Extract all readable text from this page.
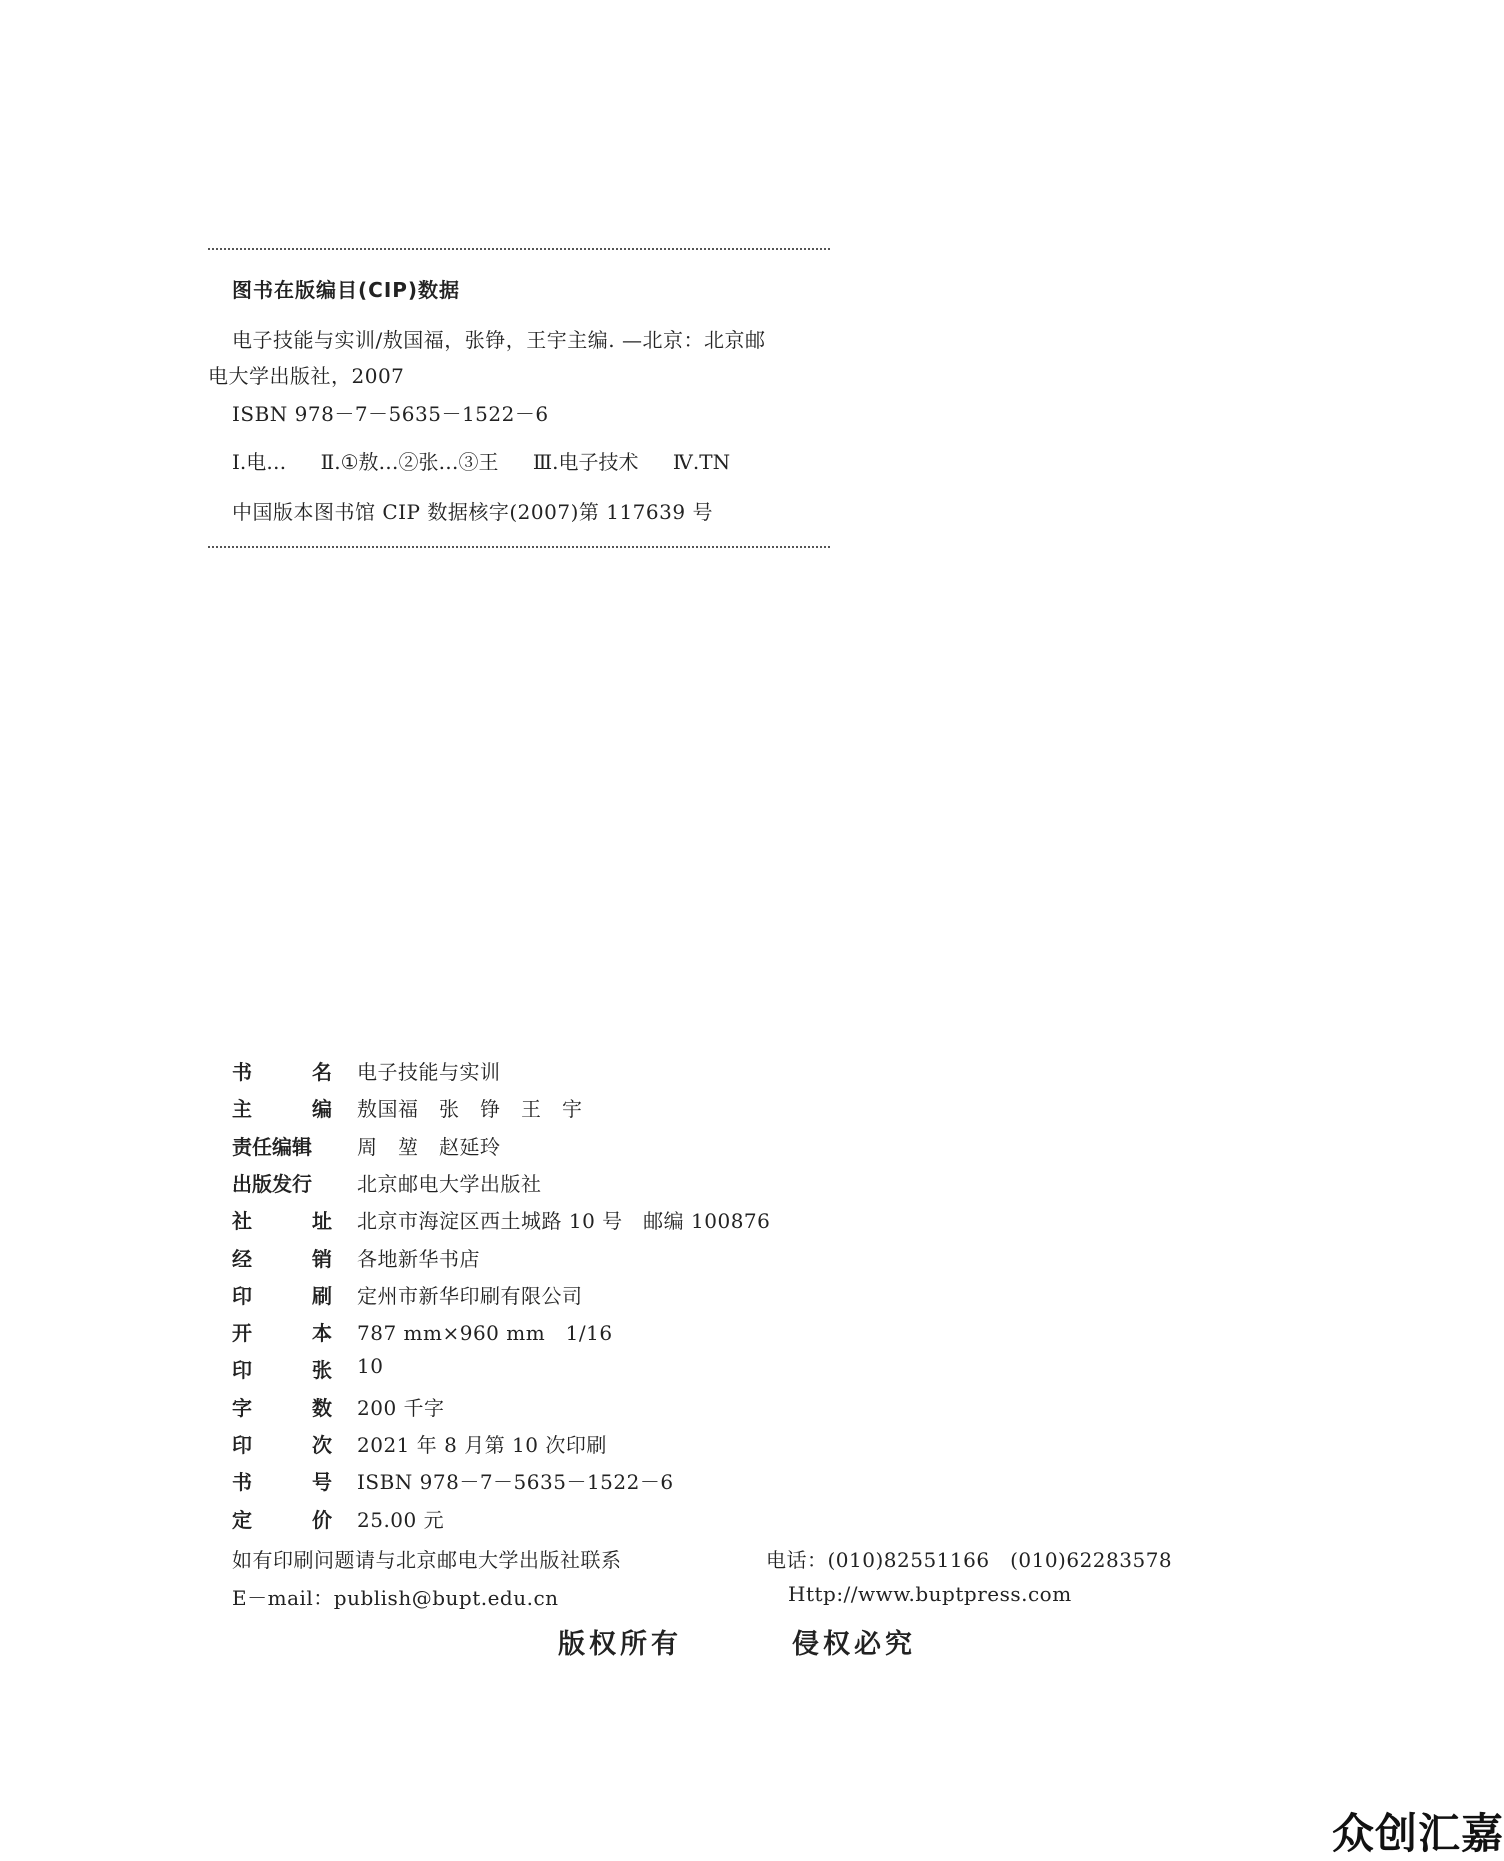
图书在版编目(CIP)数据
电子技能与实训/敖国福，张铮，王宇主编. —北京：北京邮
电大学出版社，2007
ISBN 978－7－5635－1522－6
Ⅰ.电… Ⅱ.①敖…②张…③王 Ⅲ.电子技术 Ⅳ.TN
中国版本图书馆 CIP 数据核字(2007)第 117639 号
书	名 电子技能与实训
主	编 敖国福　张　铮　王　宇
责任编辑 周　堃　赵延玲
出版发行 北京邮电大学出版社
社	址 北京市海淀区西土城路 10 号　邮编 100876
经	销 各地新华书店
印	刷 定州市新华印刷有限公司
开	本 787 mm×960 mm　1/16
印	张 10
字	数 200 千字
印	次 2021 年 8 月第 10 次印刷
书	号 ISBN 978－7－5635－1522－6
定	价 25.00 元
如有印刷问题请与北京邮电大学出版社联系	电话：(010)82551166　(010)62283578
E－mail：publish@bupt.edu.cn	Http://www.buptpress.com
版权所有	侵权必究
众创汇嘉
